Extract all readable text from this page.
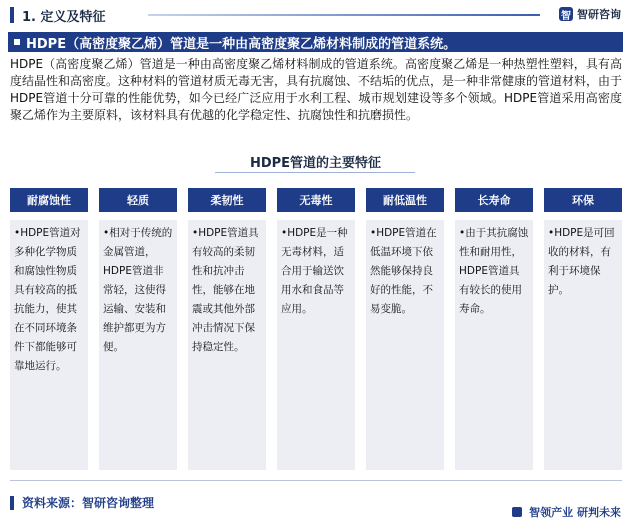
1. 定义及特征	智 智研咨询
HDPE（高密度聚乙烯）管道是一种由高密度聚乙烯材料制成的管道系统。
HDPE（高密度聚乙烯）管道是一种由高密度聚乙烯材料制成的管道系统。高密度聚乙烯是一种热塑性塑料，具有高度结晶性和高密度。这种材料的管道材质无毒无害，具有抗腐蚀、不结垢的优点，是一种非常健康的管道材料，由于HDPE管道十分可靠的性能优势，如今已经广泛应用于水利工程、城市规划建设等多个领域。HDPE管道采用高密度聚乙烯作为主要原料，该材料具有优越的化学稳定性、抗腐蚀性和抗磨损性。
HDPE管道的主要特征
耐腐蚀性
•HDPE管道对多种化学物质和腐蚀性物质具有较高的抵抗能力，使其在不同环境条件下都能够可靠地运行。
轻质
•相对于传统的金属管道，HDPE管道非常轻，这使得运输、安装和维护都更为方便。
柔韧性
•HDPE管道具有较高的柔韧性和抗冲击性，能够在地震或其他外部冲击情况下保持稳定性。
无毒性
•HDPE是一种无毒材料，适合用于输送饮用水和食品等应用。
耐低温性
•HDPE管道在低温环境下依然能够保持良好的性能，不易变脆。
长寿命
•由于其抗腐蚀性和耐用性，HDPE管道具有较长的使用寿命。
环保
•HDPE是可回收的材料，有利于环境保护。
资料来源：智研咨询整理
智领产业 研判未来
